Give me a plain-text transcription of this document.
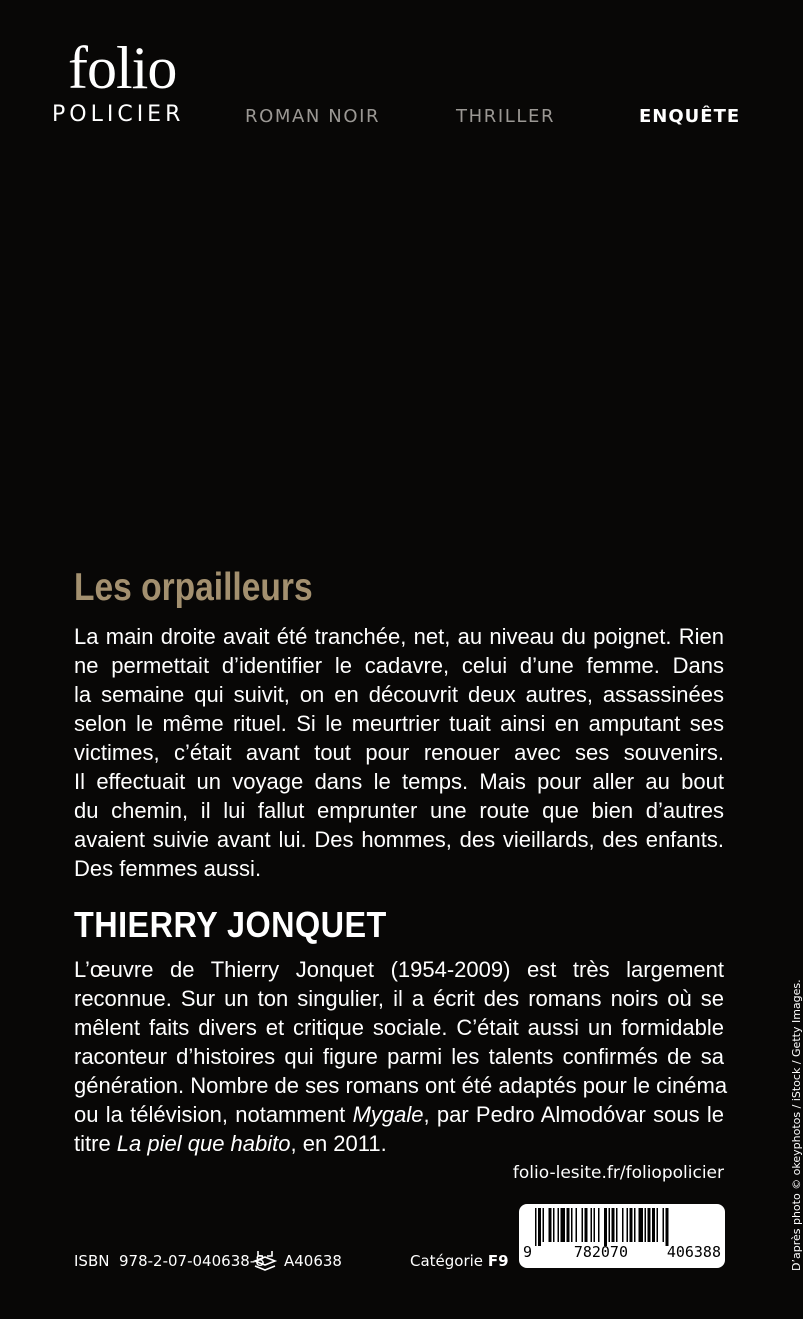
folio
POLICIER	ROMAN NOIR	THRILLER	ENQUÊTE
Les orpailleurs
La main droite avait été tranchée, net, au niveau du poignet. Rien
ne permettait d’identifier le cadavre, celui d’une femme. Dans
la semaine qui suivit, on en découvrit deux autres, assassinées
selon le même rituel. Si le meurtrier tuait ainsi en amputant ses
victimes, c’était avant tout pour renouer avec ses souvenirs.
Il effectuait un voyage dans le temps. Mais pour aller au bout
du chemin, il lui fallut emprunter une route que bien d’autres
avaient suivie avant lui. Des hommes, des vieillards, des enfants.
Des femmes aussi.
THIERRY JONQUET
L’œuvre de Thierry Jonquet (1954-2009) est très largement
reconnue. Sur un ton singulier, il a écrit des romans noirs où se
mêlent faits divers et critique sociale. C’était aussi un formidable
raconteur d’histoires qui figure parmi les talents confirmés de sa
génération. Nombre de ses romans ont été adaptés pour le cinéma
ou la télévision, notamment Mygale, par Pedro Almodóvar sous le
titre La piel que habito, en 2011.
folio-lesite.fr/foliopolicier
9	782070	406388
ISBN 978-2-07-040638-8 A40638	Catégorie F9	D’après photo © okeyphotos / iStock / Getty Images.
